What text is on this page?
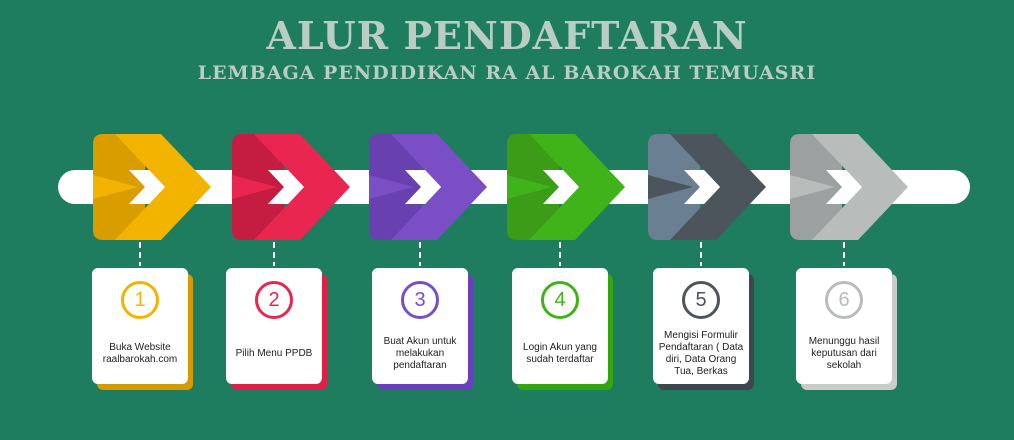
ALUR PENDAFTARAN
LEMBAGA PENDIDIKAN RA AL BAROKAH TEMUASRI
1
Buka Website raalbarokah.com
2
Pilih Menu PPDB
3
Buat Akun untuk melakukan pendaftaran
4
Login Akun yang sudah terdaftar
5
Mengisi Formulir Pendaftaran ( Data diri, Data Orang Tua, Berkas
6
Menunggu hasil keputusan dari sekolah
